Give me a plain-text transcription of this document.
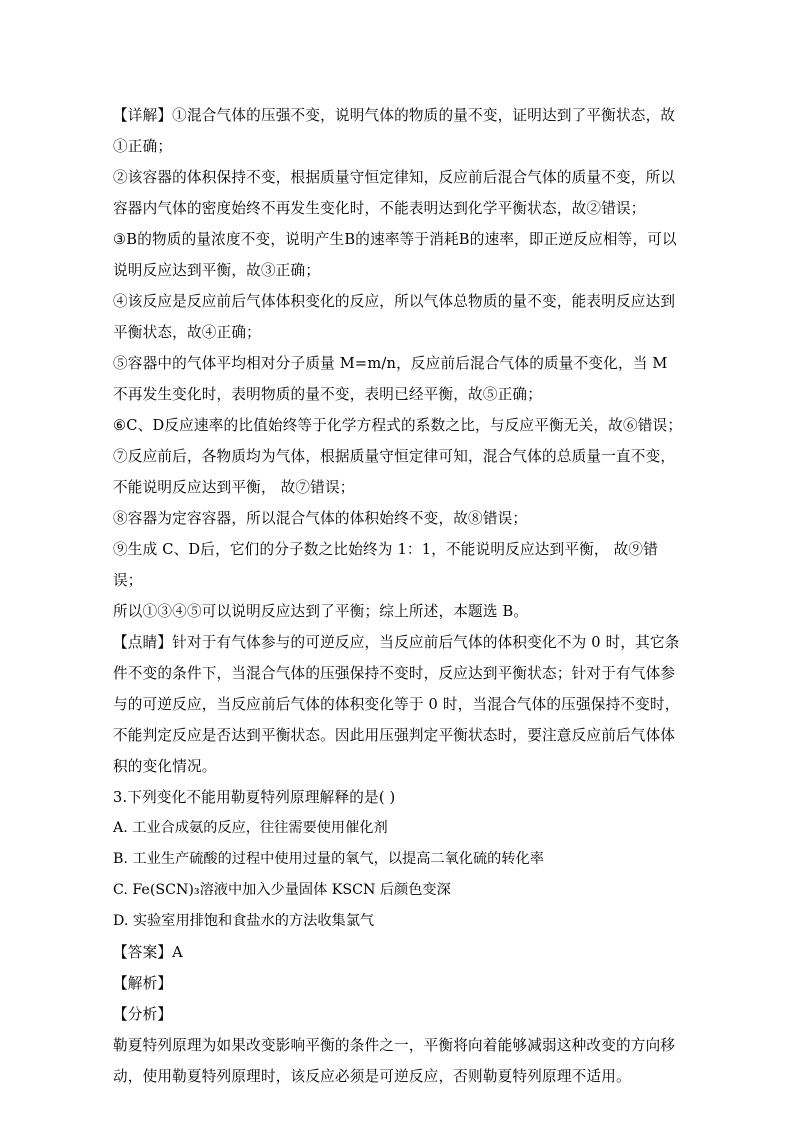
【详解】①混合气体的压强不变，说明气体的物质的量不变，证明达到了平衡状态，故①正确；

②该容器的体积保持不变，根据质量守恒定律知，反应前后混合气体的质量不变，所以容器内气体的密度始终不再发生变化时，不能表明达到化学平衡状态，故②错误；

③B的物质的量浓度不变，说明产生B的速率等于消耗B的速率，即正逆反应相等，可以说明反应达到平衡，故③正确；

④该反应是反应前后气体体积变化的反应，所以气体总物质的量不变，能表明反应达到平衡状态，故④正确；

⑤容器中的气体平均相对分子质量 M=m/n，反应前后混合气体的质量不变化，当 M 不再发生变化时，表明物质的量不变，表明已经平衡，故⑤正确；

⑥C、D反应速率的比值始终等于化学方程式的系数之比，与反应平衡无关，故⑥错误；

⑦反应前后，各物质均为气体，根据质量守恒定律可知，混合气体的总质量一直不变，不能说明反应达到平衡， 故⑦错误；

⑧容器为定容容器，所以混合气体的体积始终不变，故⑧错误；

⑨生成 C、D后，它们的分子数之比始终为 1：1，不能说明反应达到平衡， 故⑨错误；

所以①③④⑤可以说明反应达到了平衡；综上所述，本题选 B。

【点睛】针对于有气体参与的可逆反应，当反应前后气体的体积变化不为 0 时，其它条件不变的条件下，当混合气体的压强保持不变时，反应达到平衡状态；针对于有气体参与的可逆反应，当反应前后气体的体积变化等于 0 时，当混合气体的压强保持不变时，不能判定反应是否达到平衡状态。因此用压强判定平衡状态时，要注意反应前后气体体积的变化情况。

3.下列变化不能用勒夏特列原理解释的是( )

A. 工业合成氨的反应，往往需要使用催化剂

B. 工业生产硫酸的过程中使用过量的氧气，以提高二氧化硫的转化率

C. Fe(SCN)₃溶液中加入少量固体 KSCN 后颜色变深

D. 实验室用排饱和食盐水的方法收集氯气

【答案】A

【解析】

【分析】

勒夏特列原理为如果改变影响平衡的条件之一，平衡将向着能够减弱这种改变的方向移动，使用勒夏特列原理时，该反应必须是可逆反应，否则勒夏特列原理不适用。
